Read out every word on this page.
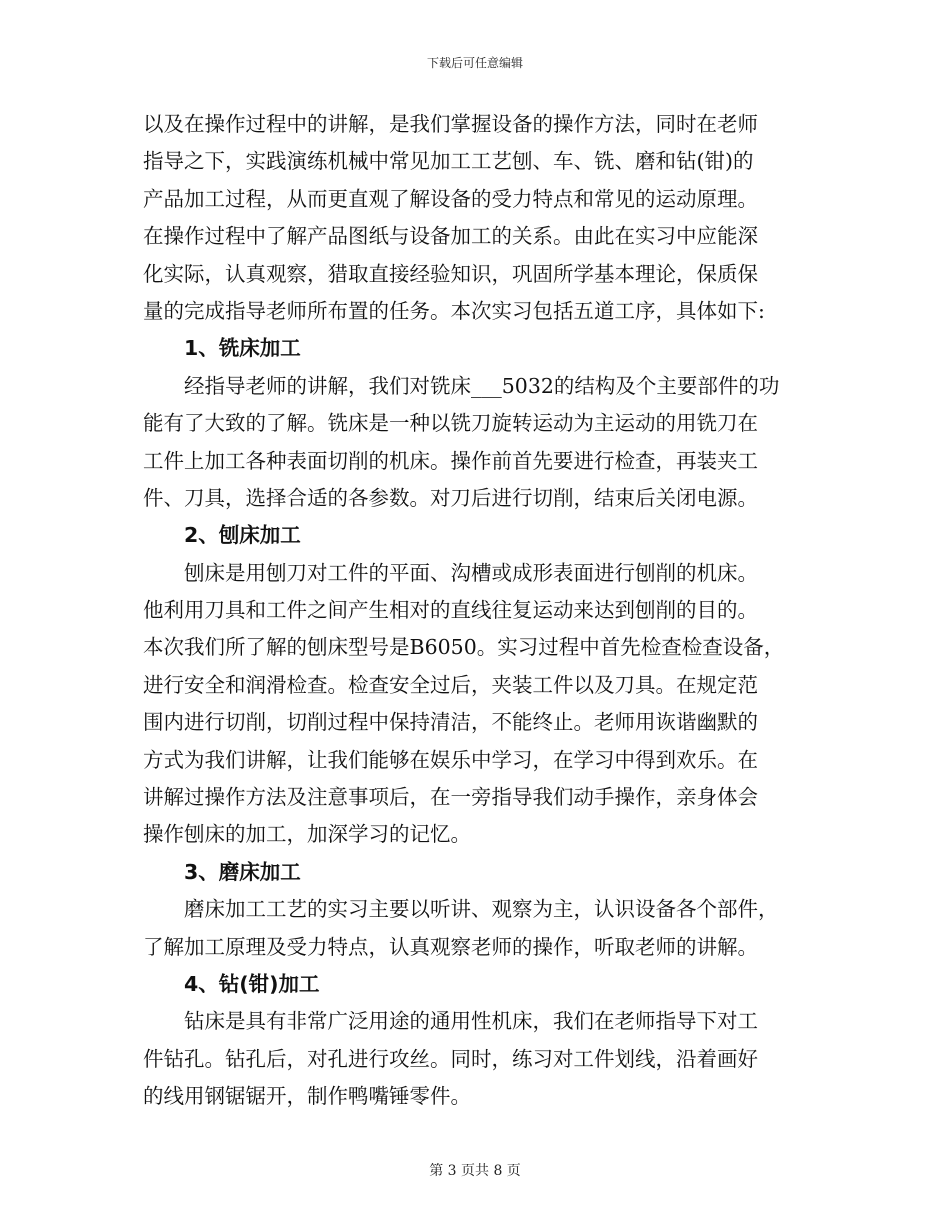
下载后可任意编辑
以及在操作过程中的讲解，是我们掌握设备的操作方法，同时在老师
指导之下，实践演练机械中常见加工工艺刨、车、铣、磨和钻(钳)的
产品加工过程，从而更直观了解设备的受力特点和常见的运动原理。
在操作过程中了解产品图纸与设备加工的关系。由此在实习中应能深
化实际，认真观察，猎取直接经验知识，巩固所学基本理论，保质保
量的完成指导老师所布置的任务。本次实习包括五道工序，具体如下:
1、铣床加工
经指导老师的讲解，我们对铣床___5032的结构及个主要部件的功
能有了大致的了解。铣床是一种以铣刀旋转运动为主运动的用铣刀在
工件上加工各种表面切削的机床。操作前首先要进行检查，再装夹工
件、刀具，选择合适的各参数。对刀后进行切削，结束后关闭电源。
2、刨床加工
刨床是用刨刀对工件的平面、沟槽或成形表面进行刨削的机床。
他利用刀具和工件之间产生相对的直线往复运动来达到刨削的目的。
本次我们所了解的刨床型号是B6050。实习过程中首先检查检查设备，
进行安全和润滑检查。检查安全过后，夹装工件以及刀具。在规定范
围内进行切削，切削过程中保持清洁，不能终止。老师用诙谐幽默的
方式为我们讲解，让我们能够在娱乐中学习，在学习中得到欢乐。在
讲解过操作方法及注意事项后，在一旁指导我们动手操作，亲身体会
操作刨床的加工，加深学习的记忆。
3、磨床加工
磨床加工工艺的实习主要以听讲、观察为主，认识设备各个部件，
了解加工原理及受力特点，认真观察老师的操作，听取老师的讲解。
4、钻(钳)加工
钻床是具有非常广泛用途的通用性机床，我们在老师指导下对工
件钻孔。钻孔后，对孔进行攻丝。同时，练习对工件划线，沿着画好
的线用钢锯锯开，制作鸭嘴锤零件。
第 3 页共 8 页
